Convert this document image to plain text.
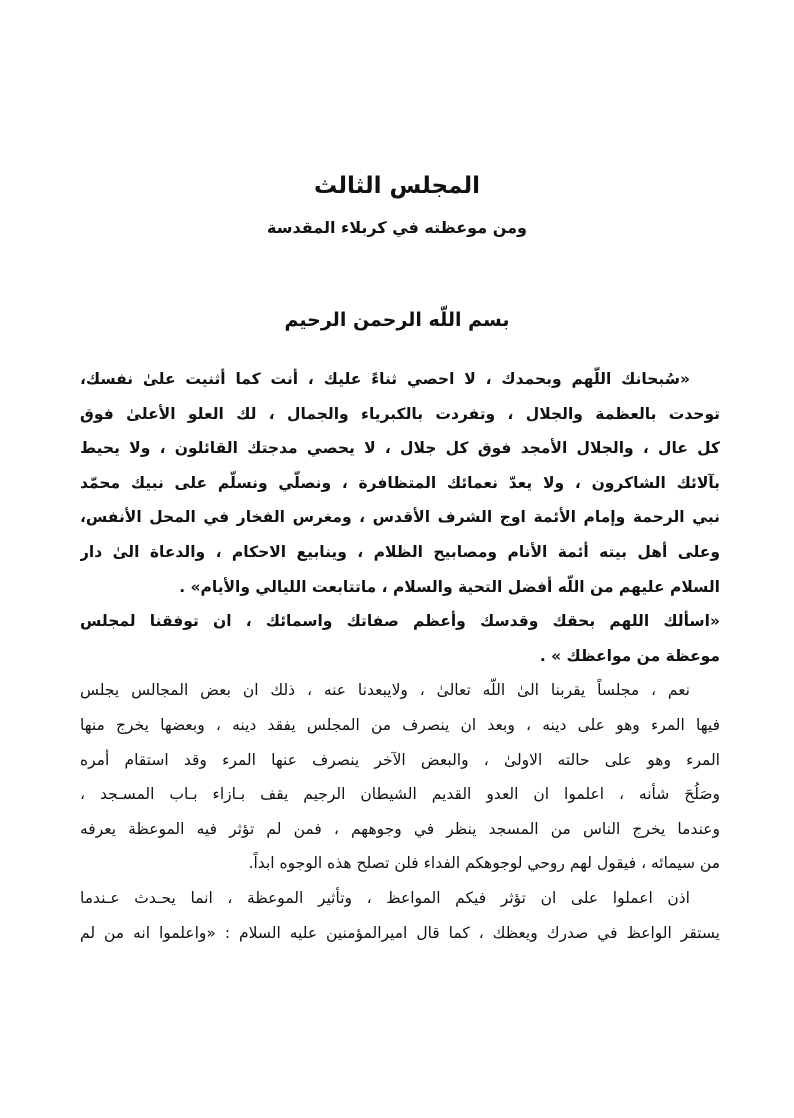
المجلس الثالث
ومن موعظته في كربلاء المقدسة
بسم اللّه الرحمن الرحيم
«سُبحانك اللّهم وبحمدك ، لا احصي ثناءً عليك ، أنت كما أثنيت علىٰ نفسك،
توحدت بالعظمة والجلال ، وتفردت بالكبرياء والجمال ، لك العلو الأعلىٰ فوق
كل عال ، والجلال الأمجد فوق كل جلال ، لا يحصي مدجتك القائلون ، ولا يحيط
بآلائك الشاكرون ، ولا يعدّ نعمائك المتظافرة ، ونصلّي ونسلّم على نبيك محمّد
نبي الرحمة وإمام الأئمة اوج الشرف الأقدس ، ومغرس الفخار في المحل الأنفس،
وعلى أهل بيته أئمة الأنام ومصابيح الظلام ، وينابيع الاحكام ، والدعاة الىٰ دار
السلام عليهم من اللّه أفضل التحية والسلام ، ماتتابعت الليالي والأيام» .
«اسألك اللهم بحقك وقدسك وأعظم صفاتك واسمائك ، ان توفقنا لمجلس
موعظة من مواعظك » .
نعم ، مجلساً يقربنا الىٰ اللّه تعالىٰ ، ولايبعدنا عنه ، ذلك ان بعض المجالس يجلس
فيها المرء وهو على دينه ، وبعد ان ينصرف من المجلس يفقد دينه ، وبعضها يخرج منها
المرء وهو على حالته الاولىٰ ، والبعض الآخر ينصرف عنها المرء وقد استقام أمره
وصَلُحَ شأنه ، اعلموا ان العدو القديم الشيطان الرجيم يقف بـازاء بـاب المسـجد ،
وعندما يخرج الناس من المسجد ينظر في وجوههم ، فمن لم تؤثر فيه الموعظة يعرفه
من سيمائه ، فيقول لهم روحي لوجوهكم الفداء فلن تصلح هذه الوجوه ابداً.
اذن اعملوا على ان تؤثر فيكم المواعظ ، وتأثير الموعظة ، انما يحـدث عـندما
يستقر الواعظ في صدرك ويعظك ، كما قال اميرالمؤمنين عليه السلام : «واعلموا انه من لم
